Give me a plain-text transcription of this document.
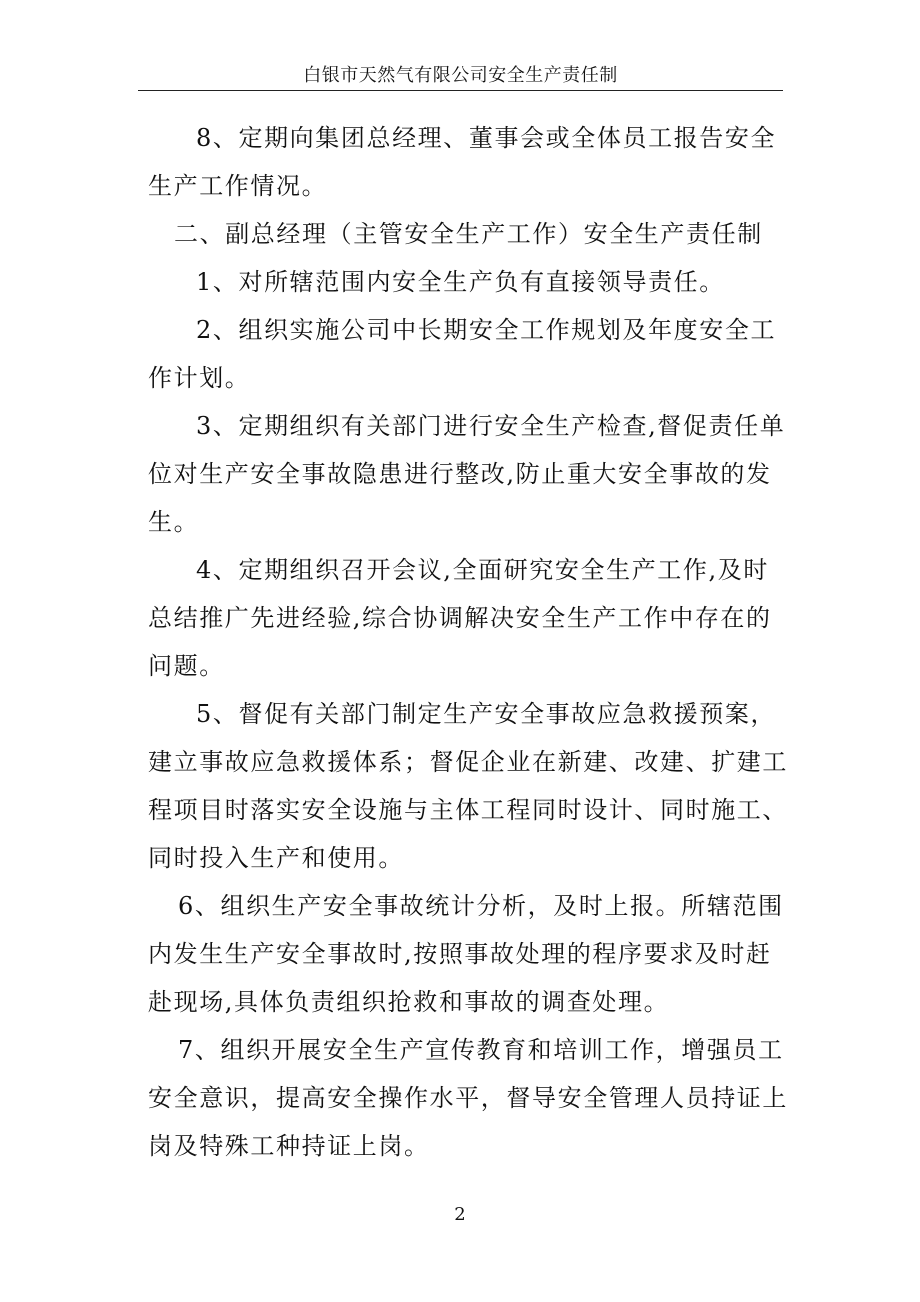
白银市天然气有限公司安全生产责任制

8、定期向集团总经理、董事会或全体员工报告安全生产工作情况。

二、副总经理（主管安全生产工作）安全生产责任制

1、对所辖范围内安全生产负有直接领导责任。

2、组织实施公司中长期安全工作规划及年度安全工作计划。

3、定期组织有关部门进行安全生产检查,督促责任单位对生产安全事故隐患进行整改,防止重大安全事故的发生。

4、定期组织召开会议,全面研究安全生产工作,及时总结推广先进经验,综合协调解决安全生产工作中存在的问题。

5、督促有关部门制定生产安全事故应急救援预案，建立事故应急救援体系；督促企业在新建、改建、扩建工程项目时落实安全设施与主体工程同时设计、同时施工、同时投入生产和使用。

6、组织生产安全事故统计分析，及时上报。所辖范围内发生生产安全事故时,按照事故处理的程序要求及时赶赴现场,具体负责组织抢救和事故的调查处理。

7、组织开展安全生产宣传教育和培训工作，增强员工安全意识，提高安全操作水平，督导安全管理人员持证上岗及特殊工种持证上岗。

2
